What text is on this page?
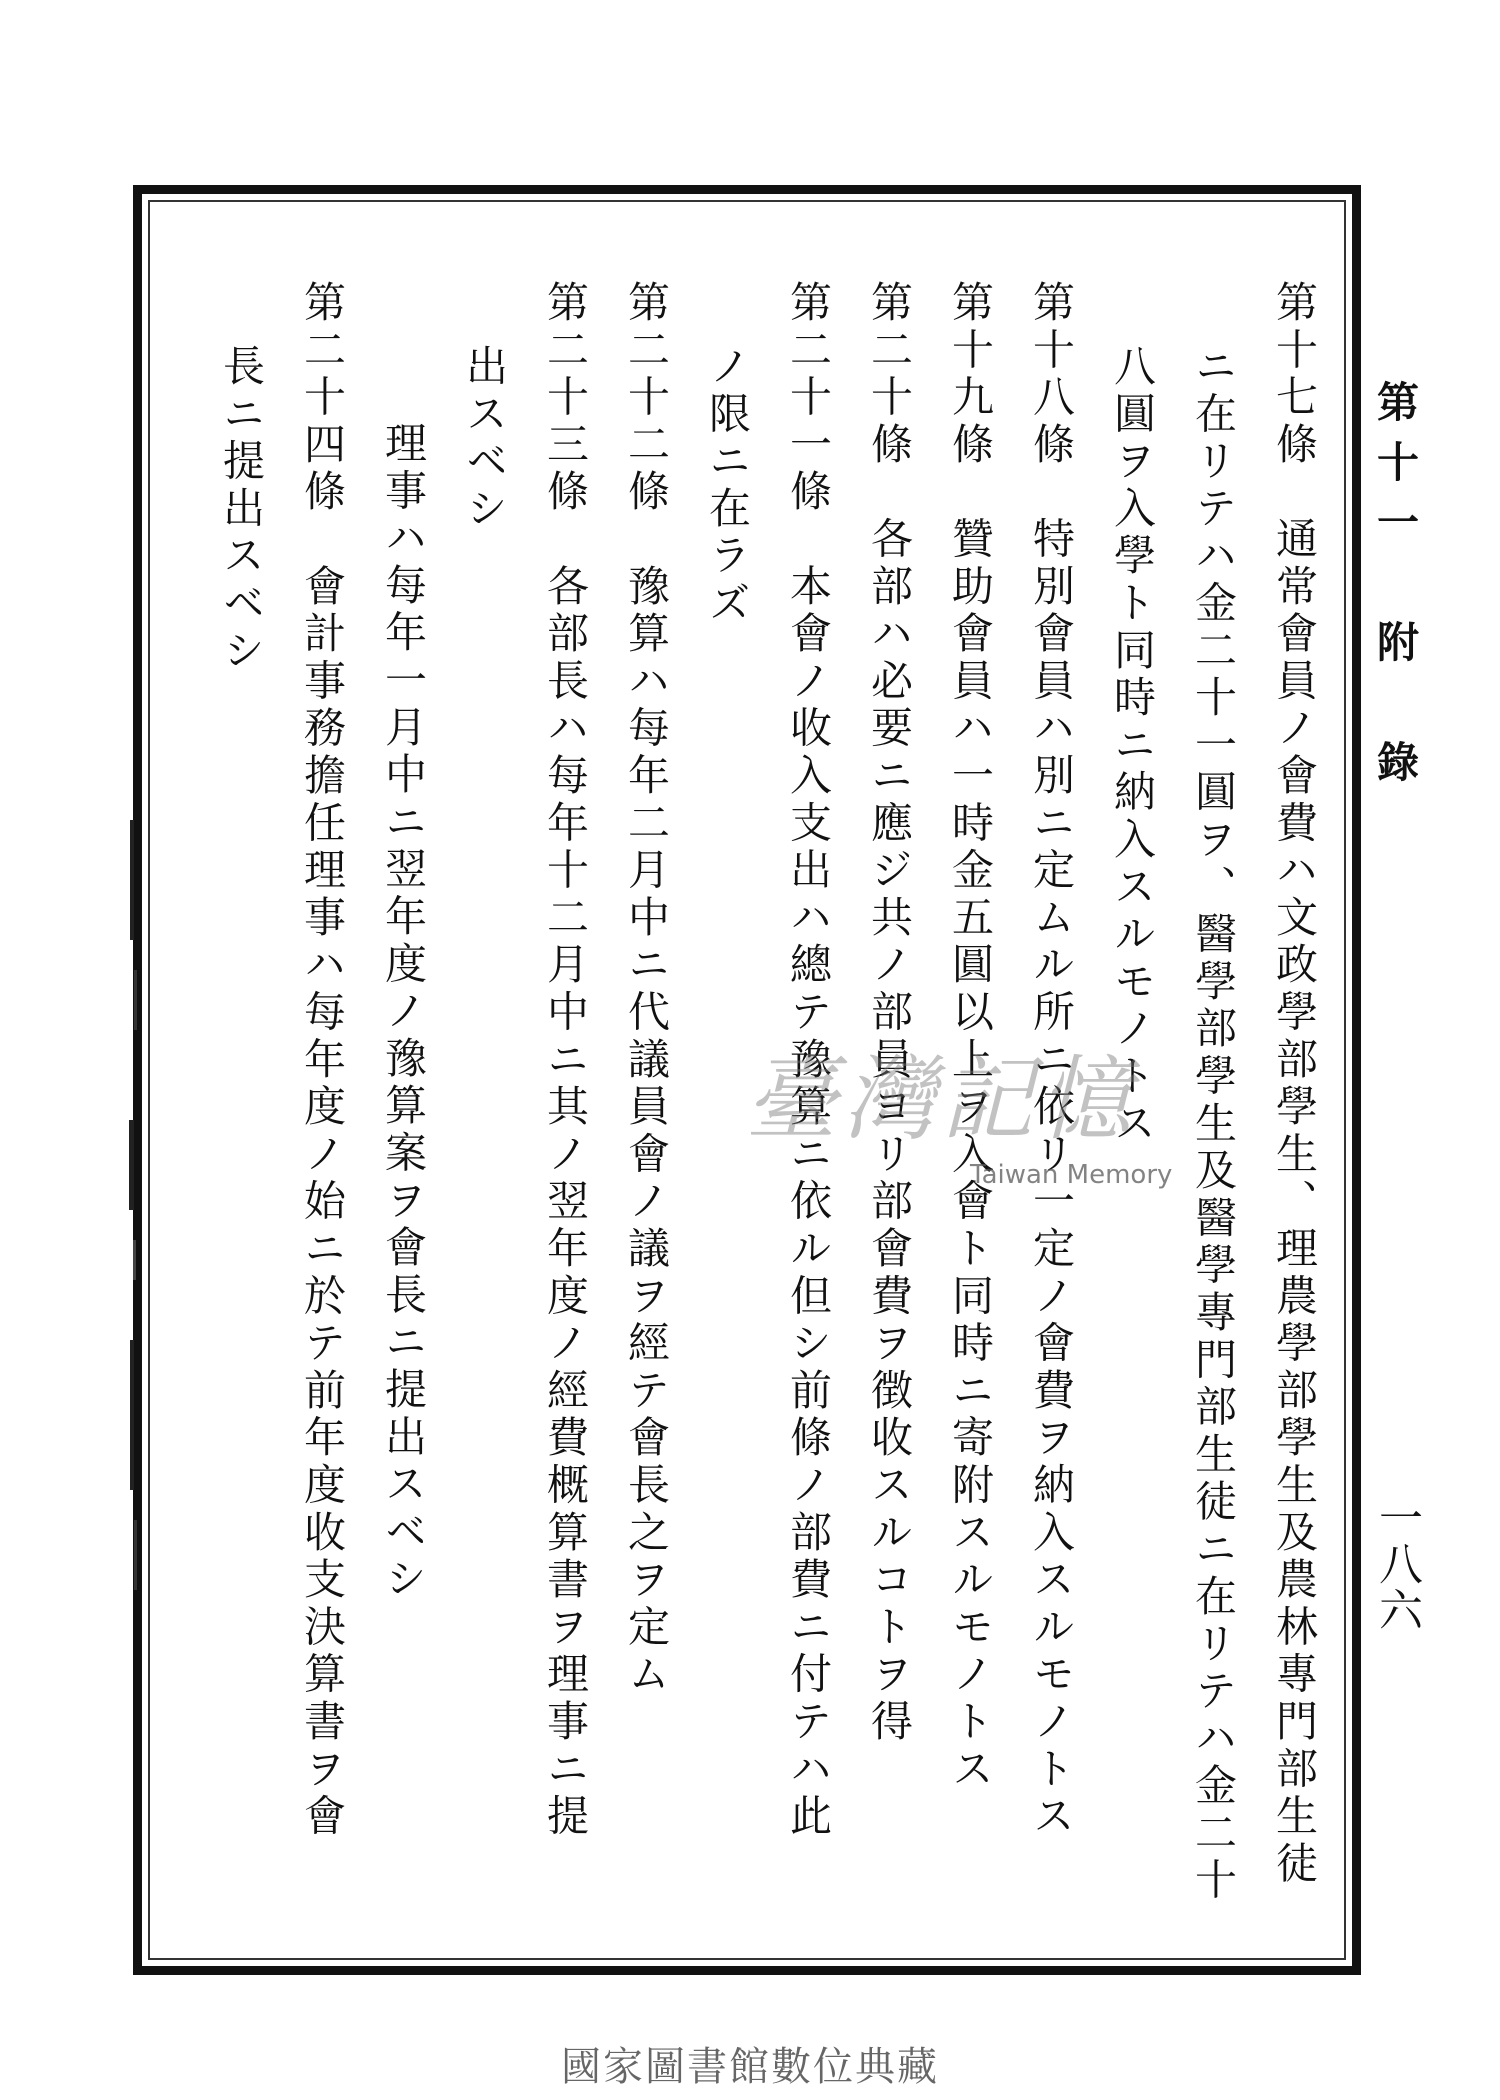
第十一　附　錄
一八六
第十七條　通常會員ノ會費ハ文政學部學生、理農學部學生及農林專門部生徒
ニ在リテハ金二十一圓ヲ、醫學部學生及醫學專門部生徒ニ在リテハ金二十
八圓ヲ入學ト同時ニ納入スルモノトス
第十八條　特別會員ハ別ニ定ムル所ニ依リ一定ノ會費ヲ納入スルモノトス
第十九條　贊助會員ハ一時金五圓以上ヲ入會ト同時ニ寄附スルモノトス
第二十條　各部ハ必要ニ應ジ共ノ部員ヨリ部會費ヲ徴收スルコトヲ得
第二十一條　本會ノ收入支出ハ總テ豫算ニ依ル但シ前條ノ部費ニ付テハ此
ノ限ニ在ラズ
第二十二條　豫算ハ每年二月中ニ代議員會ノ議ヲ經テ會長之ヲ定ム
第二十三條　各部長ハ每年十二月中ニ其ノ翌年度ノ經費概算書ヲ理事ニ提
出スベシ
理事ハ每年一月中ニ翌年度ノ豫算案ヲ會長ニ提出スベシ
第二十四條　會計事務擔任理事ハ每年度ノ始ニ於テ前年度收支決算書ヲ會
長ニ提出スベシ
臺灣記憶
Taiwan Memory
國家圖書館數位典藏
